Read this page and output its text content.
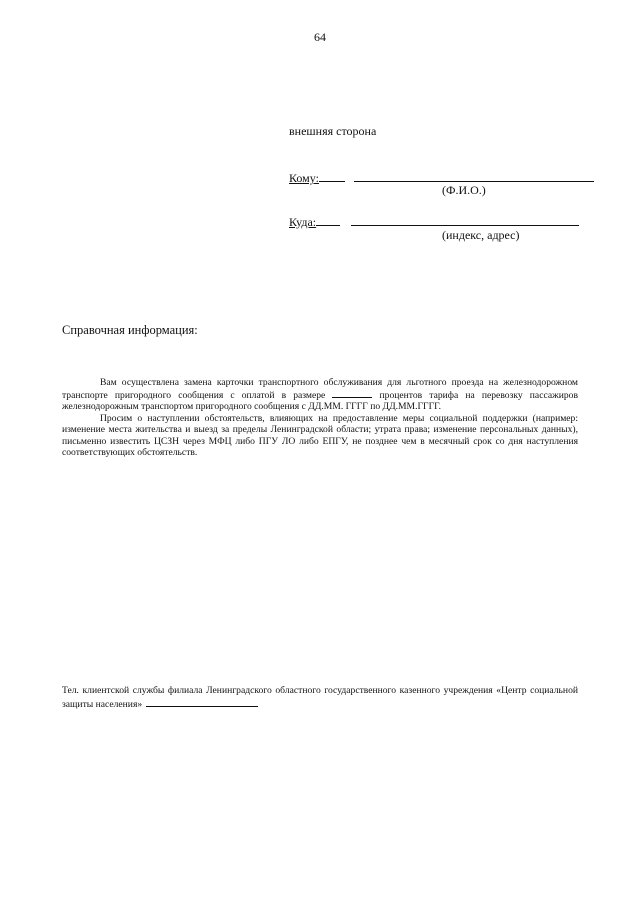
64
внешняя сторона
Кому:
(Ф.И.О.)
Куда:
(индекс, адрес)
Справочная информация:

Вам осуществлена замена карточки транспортного обслуживания для льготного проезда на железнодорожном транспорте пригородного сообщения с оплатой в размере	процентов тарифа на перевозку пассажиров железнодорожным транспортом пригородного сообщения с ДД.ММ. ГГГГ по ДД.ММ.ГГГГ.

Просим о наступлении обстоятельств, влияющих на предоставление меры социальной поддержки (например: изменение места жительства и выезд за пределы Ленинградской области; утрата права; изменение персональных данных), письменно известить ЦСЗН через МФЦ либо ПГУ ЛО либо ЕПГУ, не позднее чем в месячный срок со дня наступления соответствующих обстоятельств.

Тел. клиентской службы филиала Ленинградского областного государственного казенного учреждения «Центр социальной защиты населения»
